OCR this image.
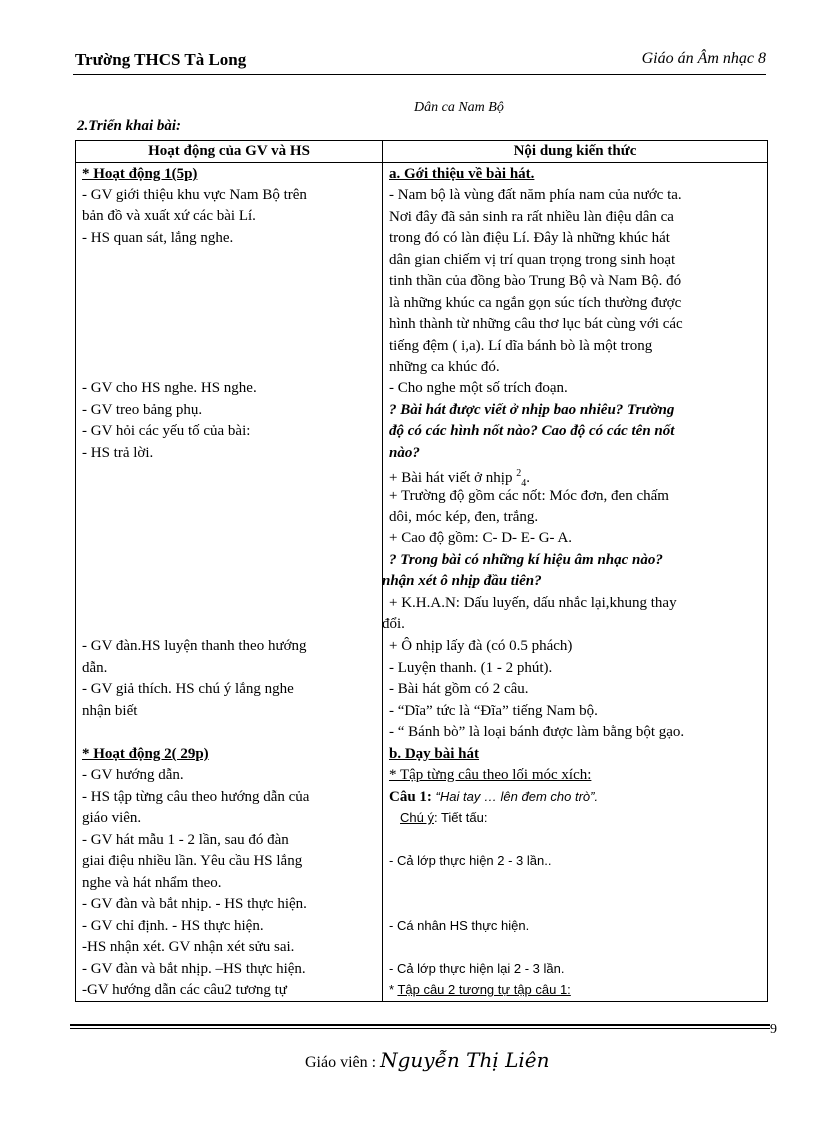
Trường THCS Tà Long	Giáo án Âm nhạc 8
Dân ca Nam Bộ
2.Triển khai bài:
Hoạt động của GV và HS	Nội dung kiến thức
* Hoạt động 1(5p)
- GV giới thiệu khu vực Nam Bộ trên
bản đồ và xuất xứ các bài Lí.
- HS quan sát, lắng nghe.
- GV cho HS nghe. HS nghe.
- GV treo bảng phụ.
- GV hỏi các yếu tố của bài:
- HS trả lời.
- GV đàn.HS luyện thanh theo hướng
dẫn.
- GV giả thích. HS chú ý lắng nghe
nhận biết
* Hoạt động 2( 29p)
- GV hướng dẫn.
- HS tập từng câu theo hướng dẫn của
giáo viên.
- GV hát mẫu 1 - 2 lần, sau đó đàn
giai điệu nhiều lần. Yêu cầu HS lắng
nghe và hát nhẩm theo.
- GV đàn và bắt nhịp. - HS thực hiện.
- GV chỉ định. - HS thực hiện.
-HS nhận xét. GV nhận xét sửu sai.
- GV đàn và bắt nhịp. –HS thực hiện.
-GV hướng dẫn các câu2 tương tự
a. Gới thiệu về bài hát.
- Nam bộ là vùng đất năm phía nam của nước ta.
Nơi đây đã sản sinh ra rất nhiều làn điệu dân ca
trong đó có làn điệu Lí. Đây là những khúc hát
dân gian chiếm vị trí quan trọng trong sinh hoạt
tinh thần của đồng bào Trung Bộ và Nam Bộ. đó
là những khúc ca ngắn gọn súc tích thường được
hình thành từ những câu thơ lục bát cùng với các
tiếng đệm ( i,a). Lí dĩa bánh bò là một trong
những ca khúc đó.
- Cho nghe một số trích đoạn.
? Bài hát được viết ở nhịp bao nhiêu? Trường
độ có các hình nốt nào? Cao độ có các tên nốt
nào?
+ Bài hát viết ở nhịp $^2_4$.
+ Trường độ gồm các nốt: Móc đơn, đen chấm
dôi, móc kép, đen, trắng.
+ Cao độ gồm: C- D- E- G- A.
? Trong bài có những kí hiệu âm nhạc nào?
nhận xét ô nhịp đầu tiên?
+ K.H.A.N: Dấu luyến, dấu nhắc lại,khung thay
đổi.
+ Ô nhịp lấy đà (có 0.5 phách)
- Luyện thanh. (1 - 2 phút).
- Bài hát gồm có 2 câu.
- “Dĩa” tức là “Đĩa” tiếng Nam bộ.
- “ Bánh bò” là loại bánh được làm bằng bột gạo.
b. Dạy bài hát
* Tập từng câu theo lối móc xích:
Câu 1: “Hai tay … lên đem cho trò”.
Chú ý: Tiết tấu:
- Cả lớp thực hiện 2 - 3 lần..
- Cá nhân HS thực hiện.
- Cả lớp thực hiện lại 2 - 3 lần.
* Tập câu 2 tương tự tập câu 1:
9
Giáo viên : Nguyễn Thị Liên
